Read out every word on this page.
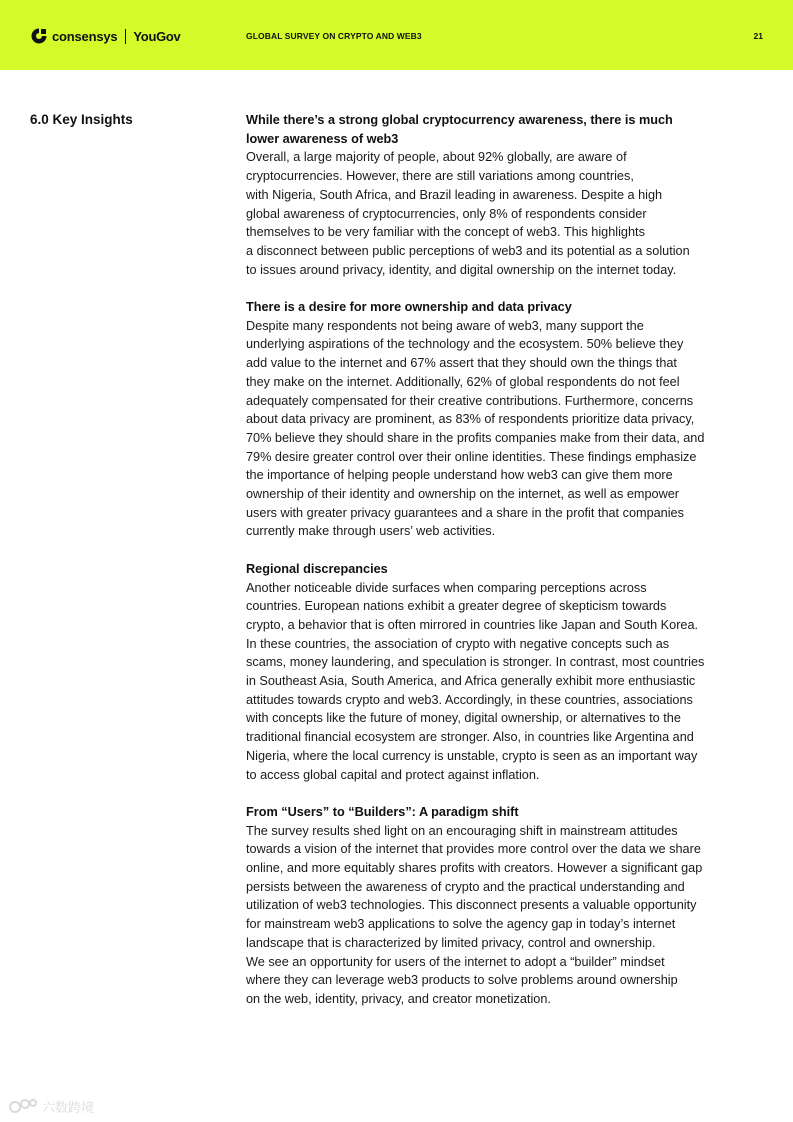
consensys YouGov	GLOBAL SURVEY ON CRYPTO AND WEB3	21
6.0 Key Insights	While there’s a strong global cryptocurrency awareness, there is much
lower awareness of web3
Overall, a large majority of people, about 92% globally, are aware of
cryptocurrencies. However, there are still variations among countries,
with Nigeria, South Africa, and Brazil leading in awareness. Despite a high
global awareness of cryptocurrencies, only 8% of respondents consider
themselves to be very familiar with the concept of web3. This highlights
a disconnect between public perceptions of web3 and its potential as a solution
to issues around privacy, identity, and digital ownership on the internet today.
There is a desire for more ownership and data privacy
Despite many respondents not being aware of web3, many support the
underlying aspirations of the technology and the ecosystem. 50% believe they
add value to the internet and 67% assert that they should own the things that
they make on the internet. Additionally, 62% of global respondents do not feel
adequately compensated for their creative contributions. Furthermore, concerns
about data privacy are prominent, as 83% of respondents prioritize data privacy,
70% believe they should share in the profits companies make from their data, and
79% desire greater control over their online identities. These findings emphasize
the importance of helping people understand how web3 can give them more
ownership of their identity and ownership on the internet, as well as empower
users with greater privacy guarantees and a share in the profit that companies
currently make through users’ web activities.
Regional discrepancies
Another noticeable divide surfaces when comparing perceptions across
countries. European nations exhibit a greater degree of skepticism towards
crypto, a behavior that is often mirrored in countries like Japan and South Korea.
In these countries, the association of crypto with negative concepts such as
scams, money laundering, and speculation is stronger. In contrast, most countries
in Southeast Asia, South America, and Africa generally exhibit more enthusiastic
attitudes towards crypto and web3. Accordingly, in these countries, associations
with concepts like the future of money, digital ownership, or alternatives to the
traditional financial ecosystem are stronger. Also, in countries like Argentina and
Nigeria, where the local currency is unstable, crypto is seen as an important way
to access global capital and protect against inflation.
From “Users” to “Builders”: A paradigm shift
The survey results shed light on an encouraging shift in mainstream attitudes
towards a vision of the internet that provides more control over the data we share
online, and more equitably shares profits with creators. However a significant gap
persists between the awareness of crypto and the practical understanding and
utilization of web3 technologies. This disconnect presents a valuable opportunity
for mainstream web3 applications to solve the agency gap in today’s internet
landscape that is characterized by limited privacy, control and ownership.
We see an opportunity for users of the internet to adopt a “builder” mindset
where they can leverage web3 products to solve problems around ownership
on the web, identity, privacy, and creator monetization.
六数跨境
